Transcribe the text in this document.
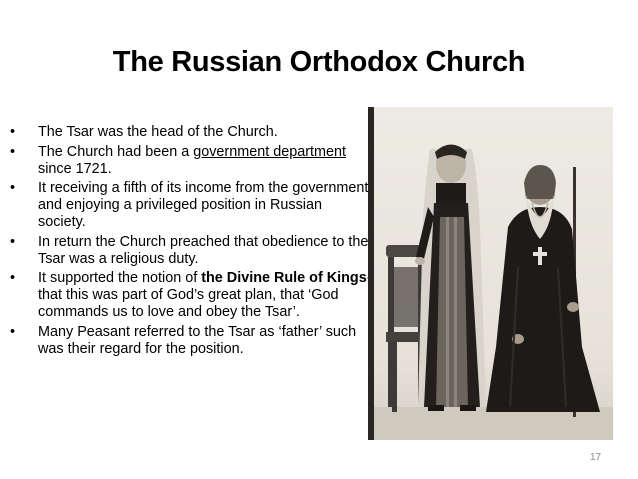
The Russian Orthodox Church
•	The Tsar was the head of the Church.
•	The Church had been a government department since 1721.
•	It receiving a fifth of its income from the government and enjoying a privileged position in Russian society.
•	In return the Church preached that obedience to the Tsar was a religious duty.
•	It supported the notion of the Divine Rule of Kings that this was part of God’s great plan, that ‘God commands us to love and obey the Tsar’.
•	Many Peasant referred to the Tsar as ‘father’ such was their regard for the position.
17
